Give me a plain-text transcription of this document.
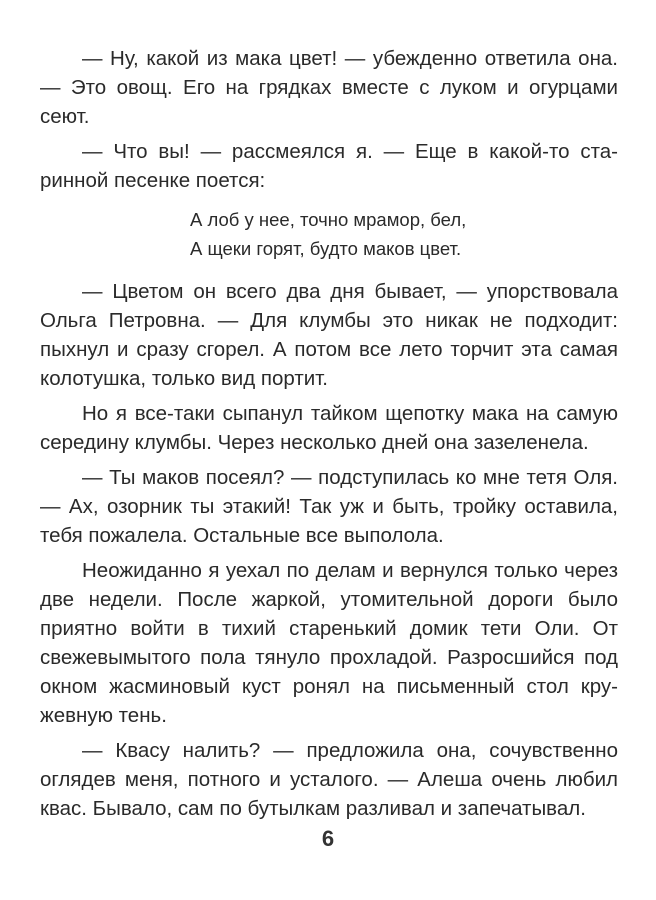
— Ну, какой из мака цвет! — убежденно ответила она. — Это овощ. Его на грядках вместе с луком и огурцами сеют.

— Что вы! — рассмеялся я. — Еще в какой-то старинной песенке поется:

А лоб у нее, точно мрамор, бел,
А щеки горят, будто маков цвет.

— Цветом он всего два дня бывает, — упорствовала Ольга Петровна. — Для клумбы это никак не подходит: пыхнул и сразу сгорел. А потом все лето торчит эта самая колотушка, только вид портит.

Но я все-таки сыпанул тайком щепотку мака на самую середину клумбы. Через несколько дней она зазеленела.

— Ты маков посеял? — подступилась ко мне тетя Оля. — Ах, озорник ты этакий! Так уж и быть, тройку оставила, тебя пожалела. Остальные все выполола.

Неожиданно я уехал по делам и вернулся только через две недели. После жаркой, утомительной дороги было приятно войти в тихий старенький домик тети Оли. От свежевымытого пола тянуло прохладой. Разросшийся под окном жасминовый куст ронял на письменный стол кружевную тень.

— Квасу налить? — предложила она, сочувственно оглядев меня, потного и усталого. — Алеша очень любил квас. Бывало, сам по бутылкам разливал и запечатывал.

6
